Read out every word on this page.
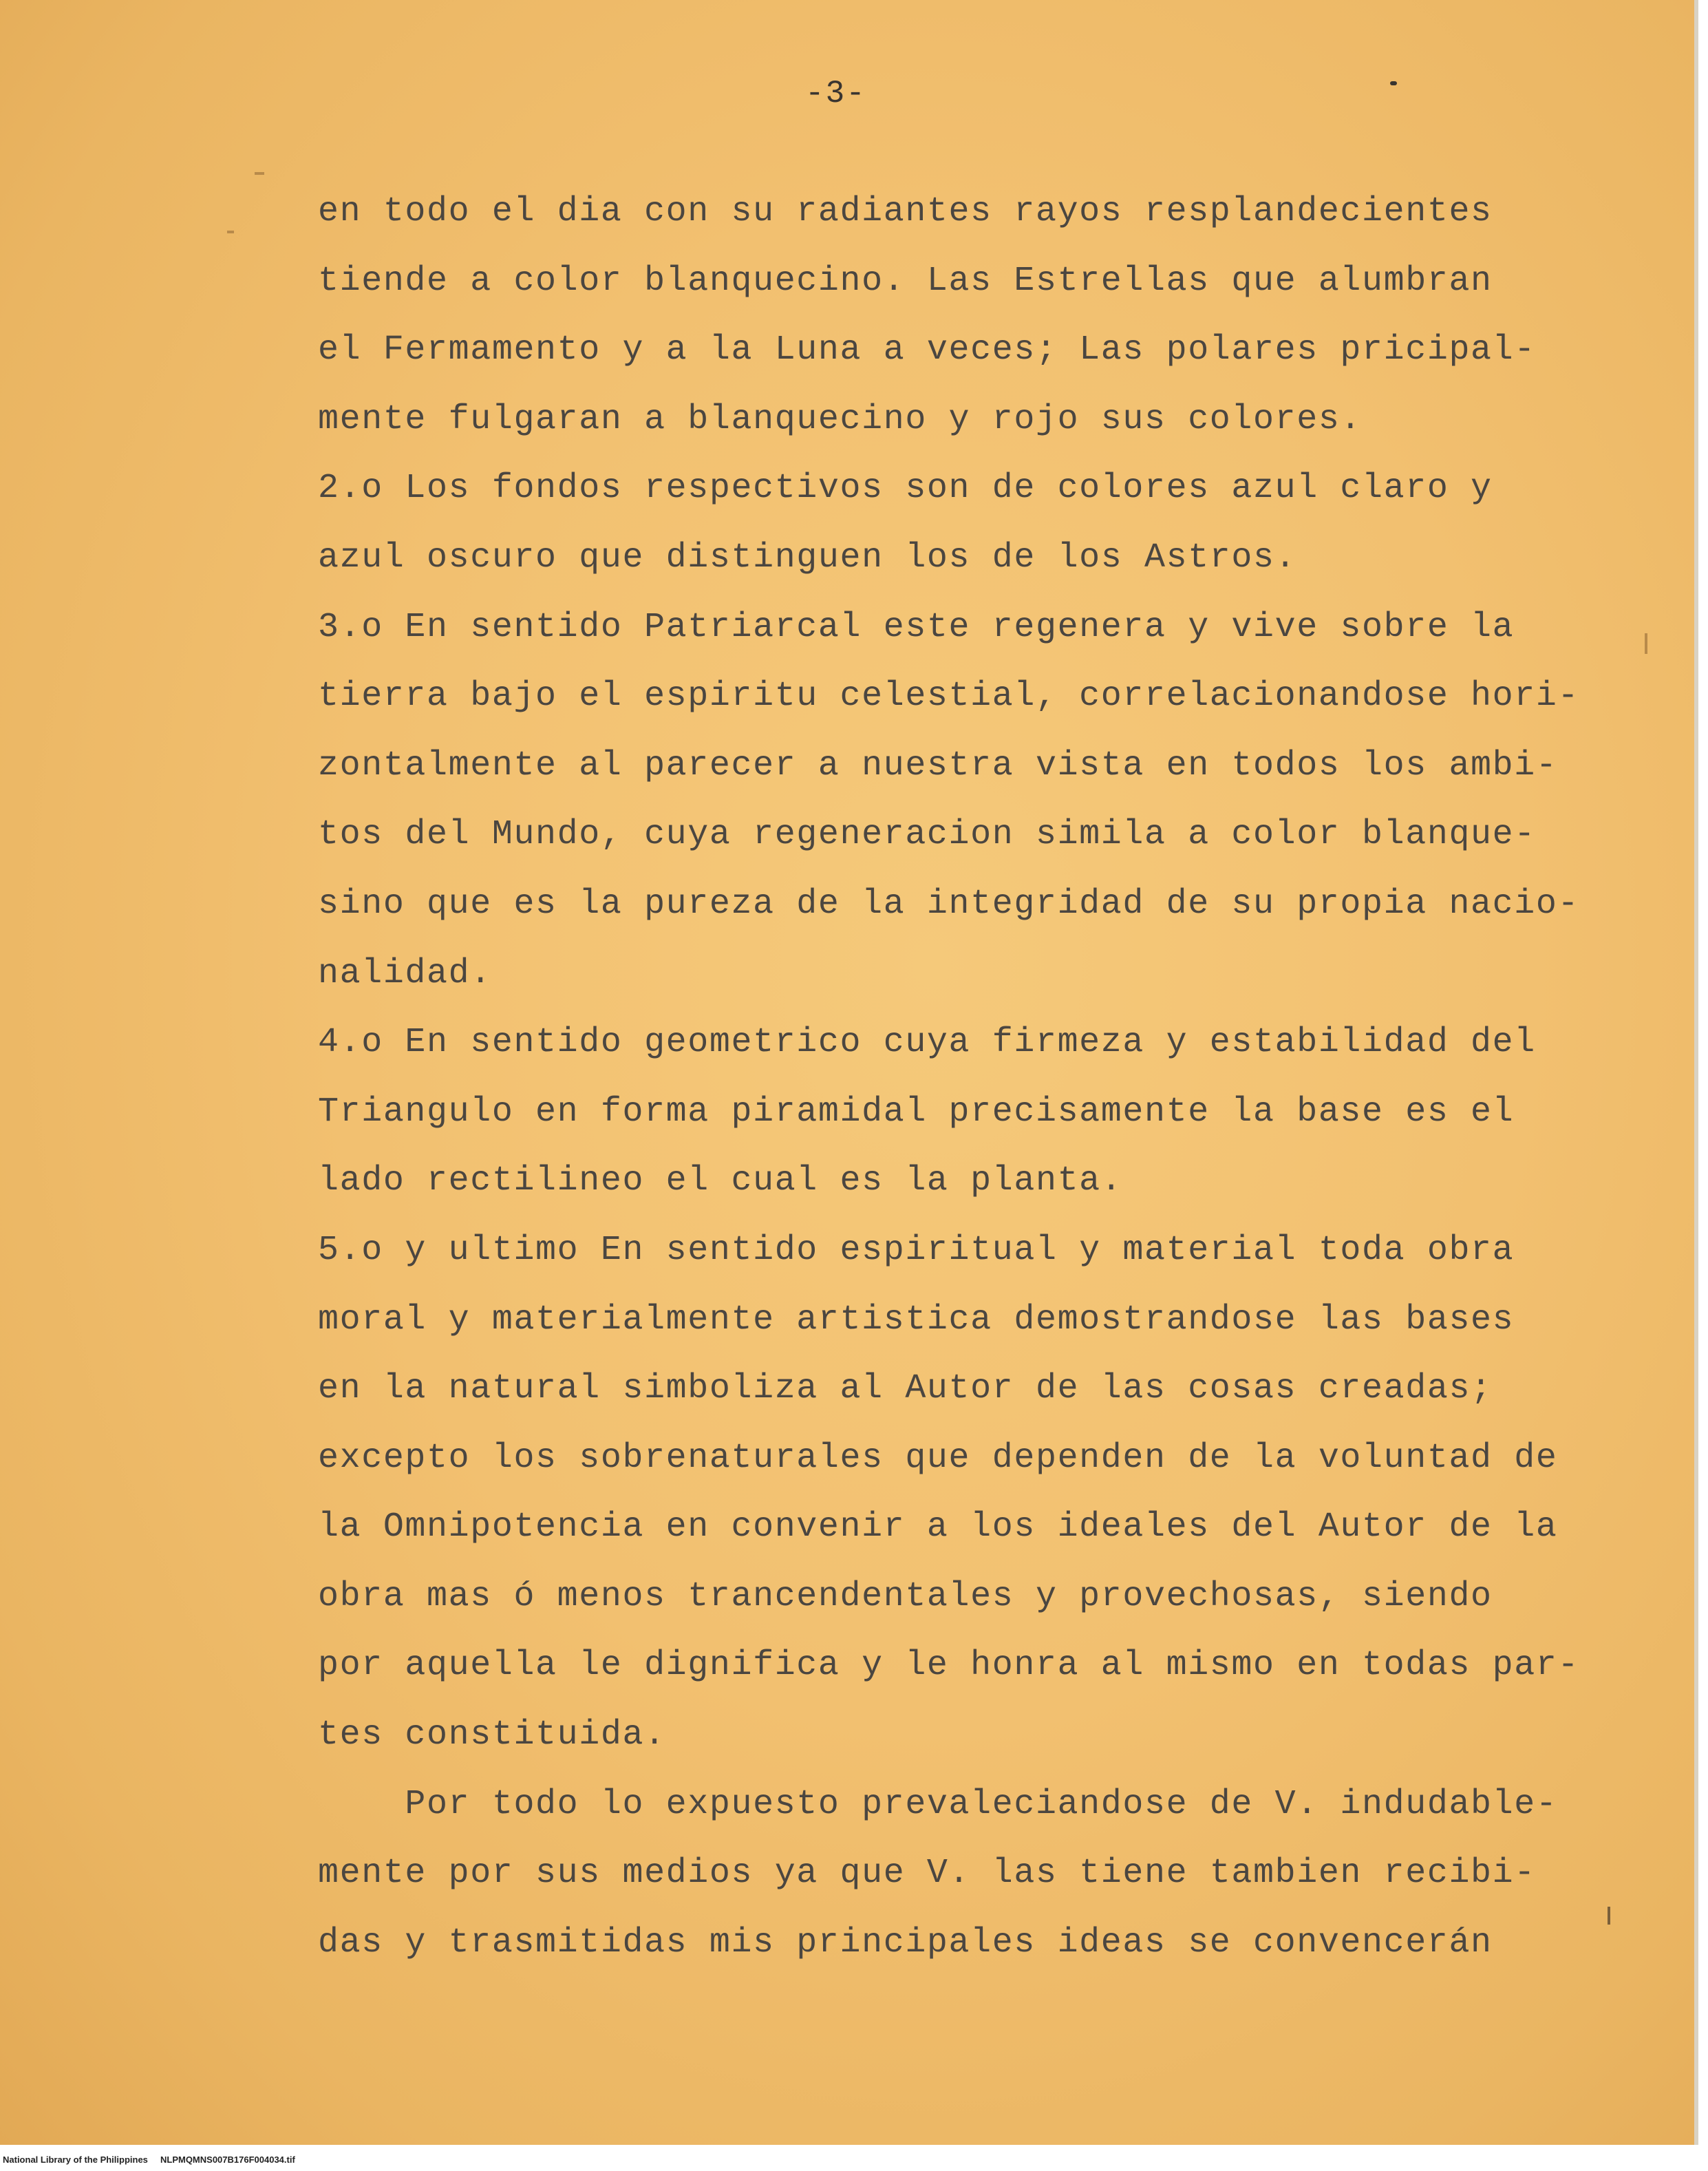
-3-
en todo el dia con su radiantes rayos resplandecientes
tiende a color blanquecino. Las Estrellas que alumbran
el Fermamento y a la Luna a veces; Las polares pricipal-
mente fulgaran a blanquecino y rojo sus colores.
2.o Los fondos respectivos son de colores azul claro y
azul oscuro que distinguen los de los Astros.
3.o En sentido Patriarcal este regenera y vive sobre la
tierra bajo el espiritu celestial, correlacionandose hori-
zontalmente al parecer a nuestra vista en todos los ambi-
tos del Mundo, cuya regeneracion simila a color blanque-
sino que es la pureza de la integridad de su propia nacio-
nalidad.
4.o En sentido geometrico cuya firmeza y estabilidad del
Triangulo en forma piramidal precisamente la base es el
lado rectilineo el cual es la planta.
5.o y ultimo En sentido espiritual y material toda obra
moral y materialmente artistica demostrandose las bases
en la natural simboliza al Autor de las cosas creadas;
excepto los sobrenaturales que dependen de la voluntad de
la Omnipotencia en convenir a los ideales del Autor de la
obra mas ó menos trancendentales y provechosas, siendo
por aquella le dignifica y le honra al mismo en todas par-
tes constituida.
Por todo lo expuesto prevaleciandose de V. indudable-
mente por sus medios ya que V. las tiene tambien recibi-
das y trasmitidas mis principales ideas se convencerán
National Library of the Philippines NLPMQMNS007B176F004034.tif
